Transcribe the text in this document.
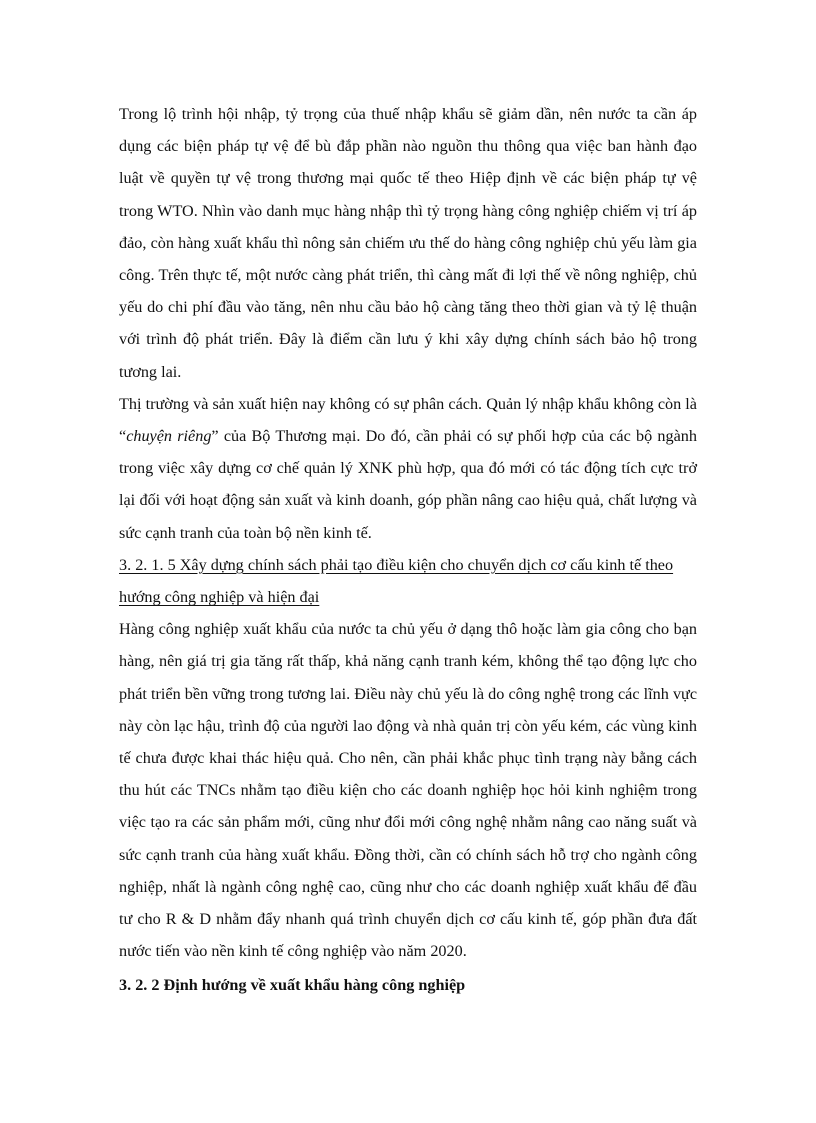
Trong lộ trình hội nhập, tỷ trọng của thuế nhập khẩu sẽ giảm dần, nên nước ta cần áp dụng các biện pháp tự vệ để bù đắp phần nào nguồn thu thông qua việc ban hành đạo luật về quyền tự vệ trong thương mại quốc tế theo Hiệp định về các biện pháp tự vệ trong WTO. Nhìn vào danh mục hàng nhập thì tỷ trọng hàng công nghiệp chiếm vị trí áp đảo, còn hàng xuất khẩu thì nông sản chiếm ưu thế do hàng công nghiệp chủ yếu làm gia công. Trên thực tế, một nước càng phát triển, thì càng mất đi lợi thế về nông nghiệp, chủ yếu do chi phí đầu vào tăng, nên nhu cầu bảo hộ càng tăng theo thời gian và tỷ lệ thuận với trình độ phát triển. Đây là điểm cần lưu ý khi xây dựng chính sách bảo hộ trong tương lai.

Thị trường và sản xuất hiện nay không có sự phân cách. Quản lý nhập khẩu không còn là “chuyện riêng” của Bộ Thương mại. Do đó, cần phải có sự phối hợp của các bộ ngành trong việc xây dựng cơ chế quản lý XNK phù hợp, qua đó mới có tác động tích cực trở lại đối với hoạt động sản xuất và kinh doanh, góp phần nâng cao hiệu quả, chất lượng và sức cạnh tranh của toàn bộ nền kinh tế.

3. 2. 1. 5 Xây dựng chính sách phải tạo điều kiện cho chuyển dịch cơ cấu kinh tế theo hướng công nghiệp và hiện đại

Hàng công nghiệp xuất khẩu của nước ta chủ yếu ở dạng thô hoặc làm gia công cho bạn hàng, nên giá trị gia tăng rất thấp, khả năng cạnh tranh kém, không thể tạo động lực cho phát triển bền vững trong tương lai. Điều này chủ yếu là do công nghệ trong các lĩnh vực này còn lạc hậu, trình độ của người lao động và nhà quản trị còn yếu kém, các vùng kinh tế chưa được khai thác hiệu quả. Cho nên, cần phải khắc phục tình trạng này bằng cách thu hút các TNCs nhằm tạo điều kiện cho các doanh nghiệp học hỏi kinh nghiệm trong việc tạo ra các sản phẩm mới, cũng như đổi mới công nghệ nhằm nâng cao năng suất và sức cạnh tranh của hàng xuất khẩu. Đồng thời, cần có chính sách hỗ trợ cho ngành công nghiệp, nhất là ngành công nghệ cao, cũng như cho các doanh nghiệp xuất khẩu để đầu tư cho R & D nhằm đẩy nhanh quá trình chuyển dịch cơ cấu kinh tế, góp phần đưa đất nước tiến vào nền kinh tế công nghiệp vào năm 2020.

3. 2. 2 Định hướng về xuất khẩu hàng công nghiệp
